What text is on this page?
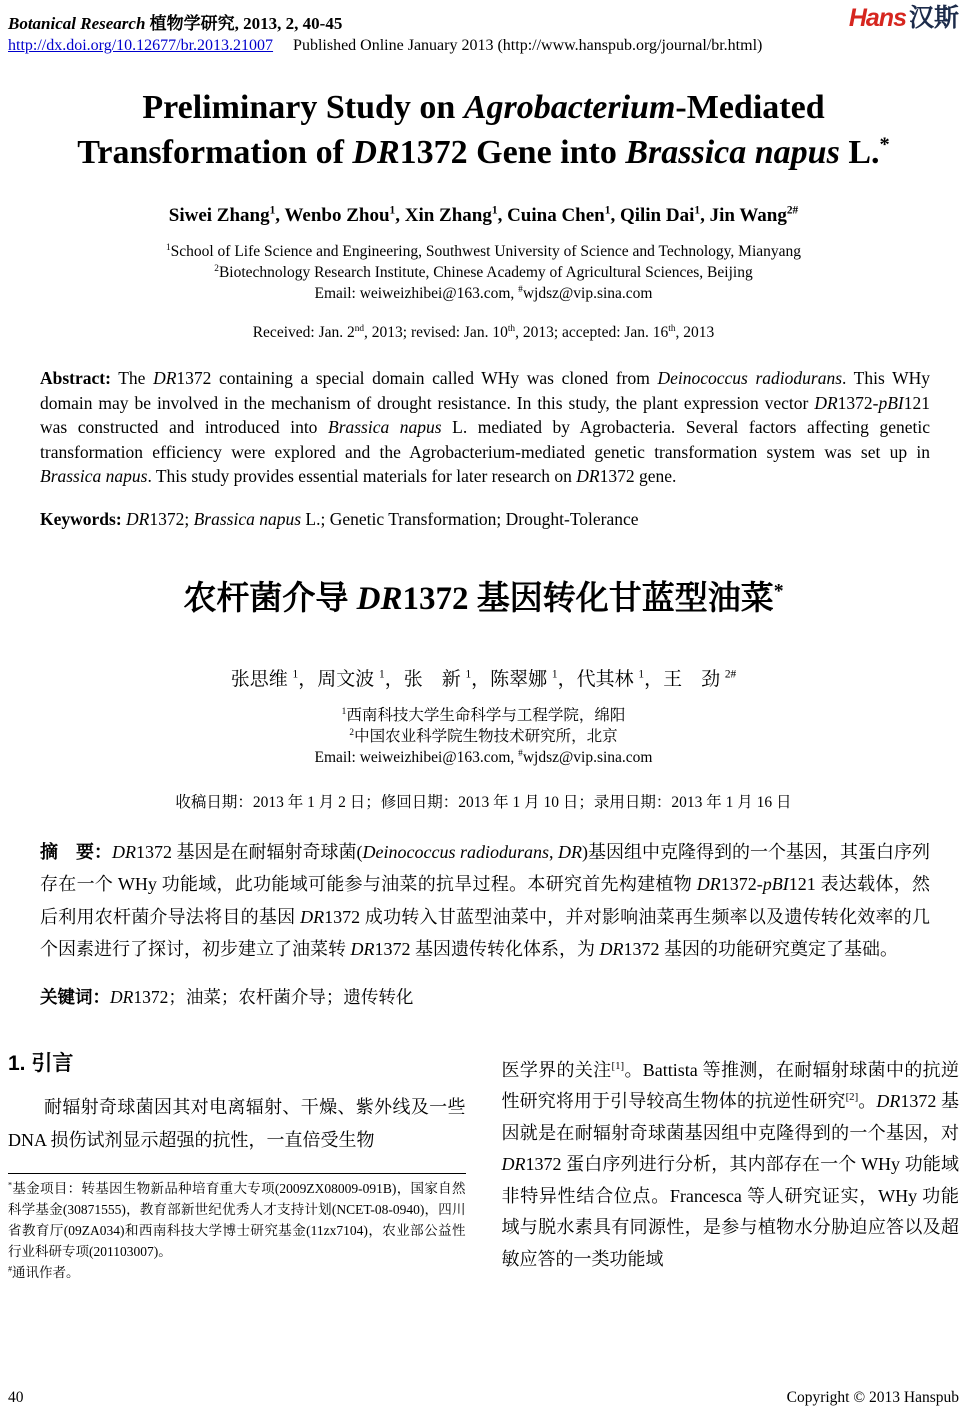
Botanical Research 植物学研究, 2013, 2, 40-45	Hans 汉斯
http://dx.doi.org/10.12677/br.2013.21007 Published Online January 2013 (http://www.hanspub.org/journal/br.html)
Preliminary Study on Agrobacterium-Mediated
Transformation of DR1372 Gene into Brassica napus L.*
Siwei Zhang$^1$, Wenbo Zhou$^1$, Xin Zhang$^1$, Cuina Chen$^1$, Qilin Dai$^1$, Jin Wang$^{2\#}$
$^1$School of Life Science and Engineering, Southwest University of Science and Technology, Mianyang
$^2$Biotechnology Research Institute, Chinese Academy of Agricultural Sciences, Beijing
Email: weiweizhibei@163.com, #wjdsz@vip.sina.com
Received: Jan. 2nd, 2013; revised: Jan. 10th, 2013; accepted: Jan. 16th, 2013

Abstract: The DR1372 containing a special domain called WHy was cloned from Deinococcus radiodurans. This WHy domain may be involved in the mechanism of drought resistance. In this study, the plant expression vector DR1372-pBI121 was constructed and introduced into Brassica napus L. mediated by Agrobacteria. Several factors affecting genetic transformation efficiency were explored and the Agrobacterium-mediated genetic transformation system was set up in Brassica napus. This study provides essential materials for later research on DR1372 gene.

Keywords: DR1372; Brassica napus L.; Genetic Transformation; Drought-Tolerance

农杆菌介导 DR1372 基因转化甘蓝型油菜*
张思维 $^1$，周文波 $^1$，张　新 $^1$，陈翠娜 $^1$，代其林 $^1$，王　劲 $^{2\#}$
$^1$西南科技大学生命科学与工程学院，绵阳
$^2$中国农业科学院生物技术研究所，北京
Email: weiweizhibei@163.com, #wjdsz@vip.sina.com
收稿日期：2013 年 1 月 2 日；修回日期：2013 年 1 月 10 日；录用日期：2013 年 1 月 16 日

摘　要：DR1372 基因是在耐辐射奇球菌(Deinococcus radiodurans, DR)基因组中克隆得到的一个基因，其蛋白序列存在一个 WHy 功能域，此功能域可能参与油菜的抗旱过程。本研究首先构建植物 DR1372-pBI121 表达载体，然后利用农杆菌介导法将目的基因 DR1372 成功转入甘蓝型油菜中，并对影响油菜再生频率以及遗传转化效率的几个因素进行了探讨，初步建立了油菜转 DR1372 基因遗传转化体系，为 DR1372 基因的功能研究奠定了基础。

关键词：DR1372；油菜；农杆菌介导；遗传转化

1. 引言

耐辐射奇球菌因其对电离辐射、干燥、紫外线及一些 DNA 损伤试剂显示超强的抗性，一直倍受生物

*基金项目：转基因生物新品种培育重大专项(2009ZX08009-091B)，国家自然科学基金(30871555)，教育部新世纪优秀人才支持计划(NCET-08-0940)，四川省教育厅(09ZA034)和西南科技大学博士研究基金(11zx7104)，农业部公益性行业科研专项(201103007)。

#通讯作者。

医学界的关注[1]。Battista 等推测，在耐辐射球菌中的抗逆性研究将用于引导较高生物体的抗逆性研究[2]。DR1372 基因就是在耐辐射奇球菌基因组中克隆得到的一个基因，对 DR1372 蛋白序列进行分析，其内部存在一个 WHy 功能域非特异性结合位点。Francesca 等人研究证实，WHy 功能域与脱水素具有同源性，是参与植物水分胁迫应答以及超敏应答的一类功能域

40	Copyright © 2013 Hanspub
